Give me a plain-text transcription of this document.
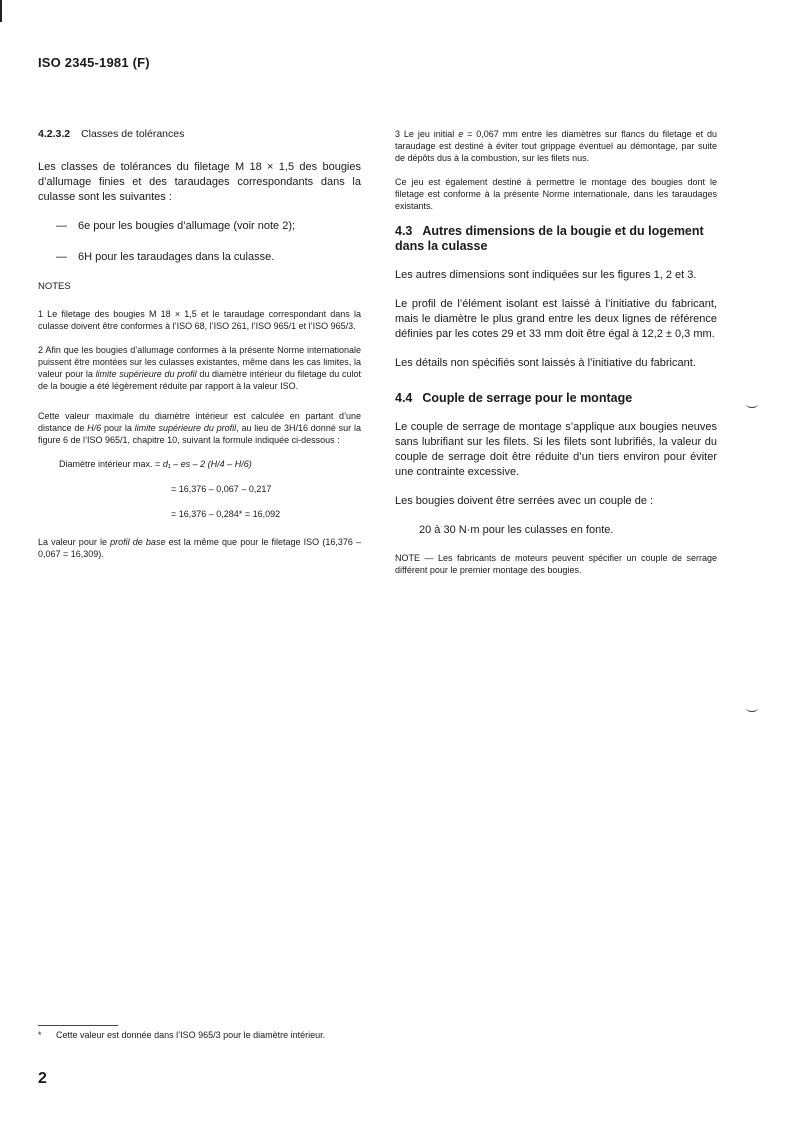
ISO 2345-1981 (F)

4.2.3.2 Classes de tolérances

Les classes de tolérances du filetage M 18 × 1,5 des bougies d’allumage finies et des taraudages correspondants dans la culasse sont les suivantes :

— 6e pour les bougies d’allumage (voir note 2);
— 6H pour les taraudages dans la culasse.

NOTES

1 Le filetage des bougies M 18 × 1,5 et le taraudage correspondant dans la culasse doivent être conformes à l’ISO 68, l’ISO 261, l’ISO 965/1 et l’ISO 965/3.

2 Afin que les bougies d’allumage conformes à la présente Norme internationale puissent être montées sur les culasses existantes, même dans les cas limites, la valeur pour la limite supérieure du profil du diamètre intérieur du filetage du culot de la bougie a été légèrement réduite par rapport à la valeur ISO.

Cette valeur maximale du diamètre intérieur est calculée en partant d’une distance de H/6 pour la limite supérieure du profil, au lieu de 3H/16 donné sur la figure 6 de l’ISO 965/1, chapitre 10, suivant la formule indiquée ci-dessous :

Diamètre intérieur max. = d₁ – es – 2 (H/4 – H/6)
= 16,376 – 0,067 – 0,217
= 16,376 – 0,284* = 16,092

La valeur pour le profil de base est la même que pour le filetage ISO (16,376 – 0,067 = 16,309).

3 Le jeu initial e = 0,067 mm entre les diamètres sur flancs du filetage et du taraudage est destiné à éviter tout grippage éventuel au démontage, par suite de dépôts dus à la combustion, sur les filets nus.

Ce jeu est également destiné à permettre le montage des bougies dont le filetage est conforme à la présente Norme internationale, dans les taraudages existants.

4.3 Autres dimensions de la bougie et du logement dans la culasse

Les autres dimensions sont indiquées sur les figures 1, 2 et 3.

Le profil de l’élément isolant est laissé à l’initiative du fabricant, mais le diamètre le plus grand entre les deux lignes de référence définies par les cotes 29 et 33 mm doit être égal à 12,2 ± 0,3 mm.

Les détails non spécifiés sont laissés à l’initiative du fabricant.

4.4 Couple de serrage pour le montage

Le couple de serrage de montage s’applique aux bougies neuves sans lubrifiant sur les filets. Si les filets sont lubrifiés, la valeur du couple de serrage doit être réduite d’un tiers environ pour éviter une contrainte excessive.

Les bougies doivent être serrées avec un couple de :

20 à 30 N·m pour les culasses en fonte.

NOTE — Les fabricants de moteurs peuvent spécifier un couple de serrage différent pour le premier montage des bougies.

* Cette valeur est donnée dans l’ISO 965/3 pour le diamètre intérieur.
2
